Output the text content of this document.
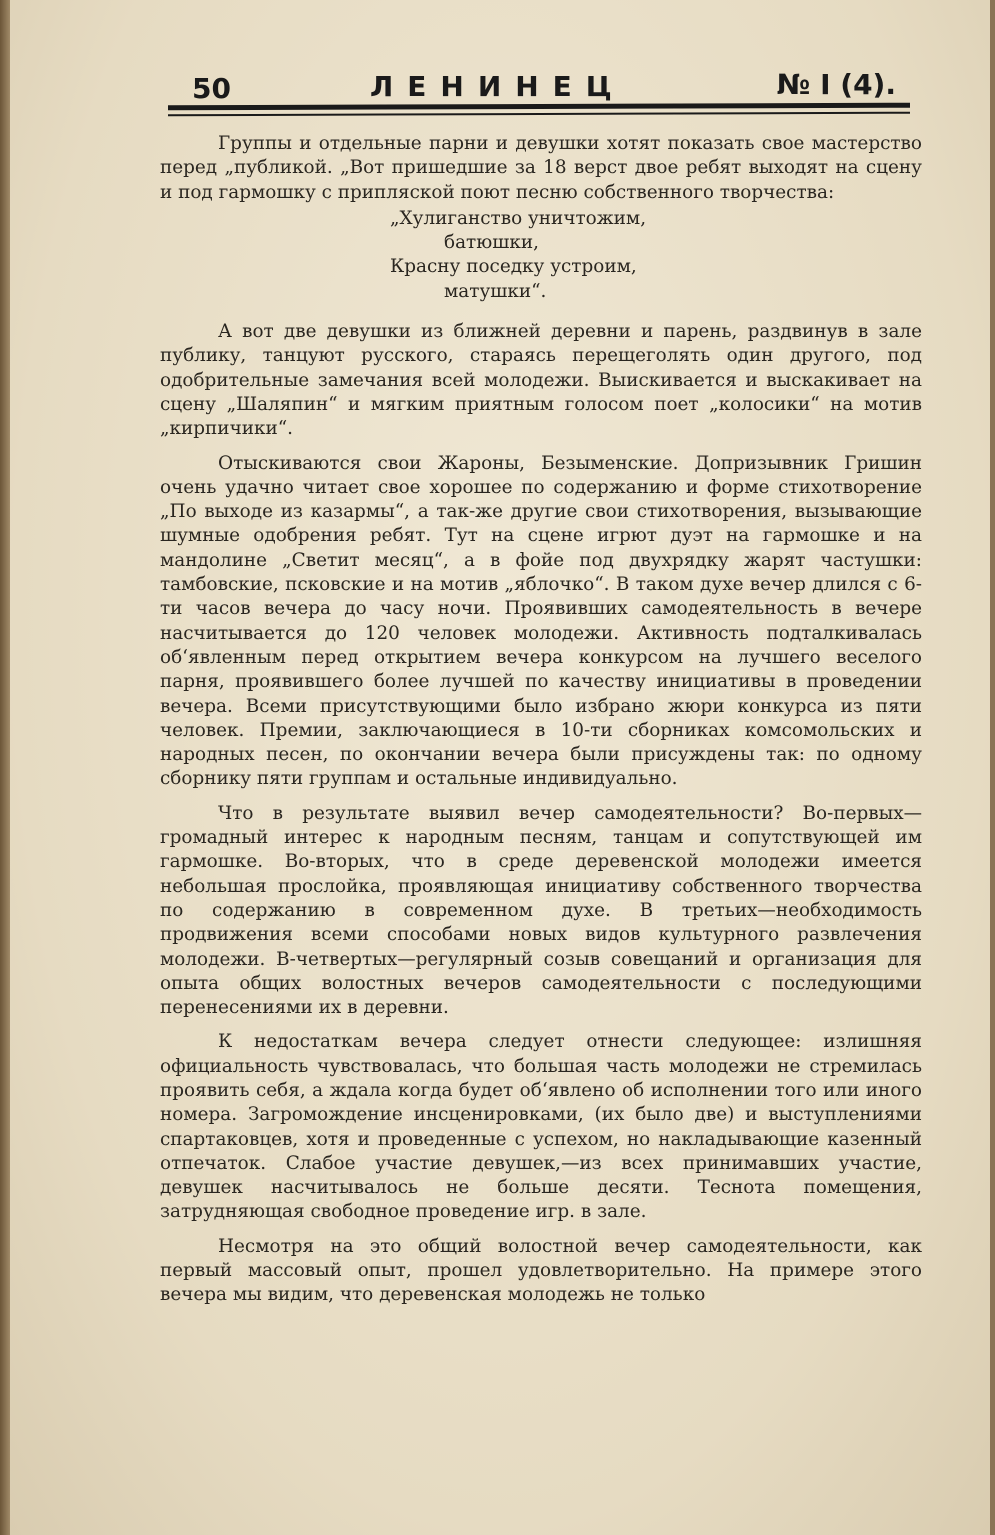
50	ЛЕНИНЕЦ	№ I (4).

Группы и отдельные парни и девушки хотят показать свое мастерство перед „публикой. „Вот пришедшие за 18 верст двое ребят выходят на сцену и под гармошку с припляской поют песню собственного творчества:

„Хулиганство уничтожим,
батюшки,
Красну поседку устроим,
матушки“.

А вот две девушки из ближней деревни и парень, раздвинув в зале публику, танцуют русского, стараясь перещеголять один другого, под одобрительные замечания всей молодежи. Выискивается и выскакивает на сцену „Шаляпин“ и мягким приятным голосом поет „колосики“ на мотив „кирпичики“.

Отыскиваются свои Жароны, Безыменские. Допризывник Гришин очень удачно читает свое хорошее по содержанию и форме стихотворение „По выходе из казармы“, а так-же другие свои стихотворения, вызывающие шумные одобрения ребят. Тут на сцене игрют дуэт на гармошке и на мандолине „Светит месяц“, а в фойе под двухрядку жарят частушки: тамбовские, псковские и на мотив „яблочко“. В таком духе вечер длился с 6-ти часов вечера до часу ночи. Проявивших самодеятельность в вечере насчитывается до 120 человек молодежи. Активность подталкивалась об‘явленным перед открытием вечера конкурсом на лучшего веселого парня, проявившего более лучшей по качеству инициативы в проведении вечера. Всеми присутствующими было избрано жюри конкурса из пяти человек. Премии, заключающиеся в 10-ти сборниках комсомольских и народных песен, по окончании вечера были присуждены так: по одному сборнику пяти группам и остальные индивидуально.

Что в результате выявил вечер самодеятельности? Во-первых—громадный интерес к народным песням, танцам и сопутствующей им гармошке. Во-вторых, что в среде деревенской молодежи имеется небольшая прослойка, проявляющая инициативу собственного творчества по содержанию в современном духе. В третьих—необходимость продвижения всеми способами новых видов культурного развлечения молодежи. В-четвертых—регулярный созыв совещаний и организация для опыта общих волостных вечеров самодеятельности с последующими перенесениями их в деревни.

К недостаткам вечера следует отнести следующее: излишняя официальность чувствовалась, что большая часть молодежи не стремилась проявить себя, а ждала когда будет об‘явлено об исполнении того или иного номера. Загромождение инсценировками, (их было две) и выступлениями спартаковцев, хотя и проведенные с успехом, но накладывающие казенный отпечаток. Слабое участие девушек,—из всех принимавших участие, девушек насчитывалось не больше десяти. Теснота помещения, затрудняющая свободное проведение игр. в зале.

Несмотря на это общий волостной вечер самодеятельности, как первый массовый опыт, прошел удовлетворительно. На примере этого вечера мы видим, что деревенская молодежь не только
